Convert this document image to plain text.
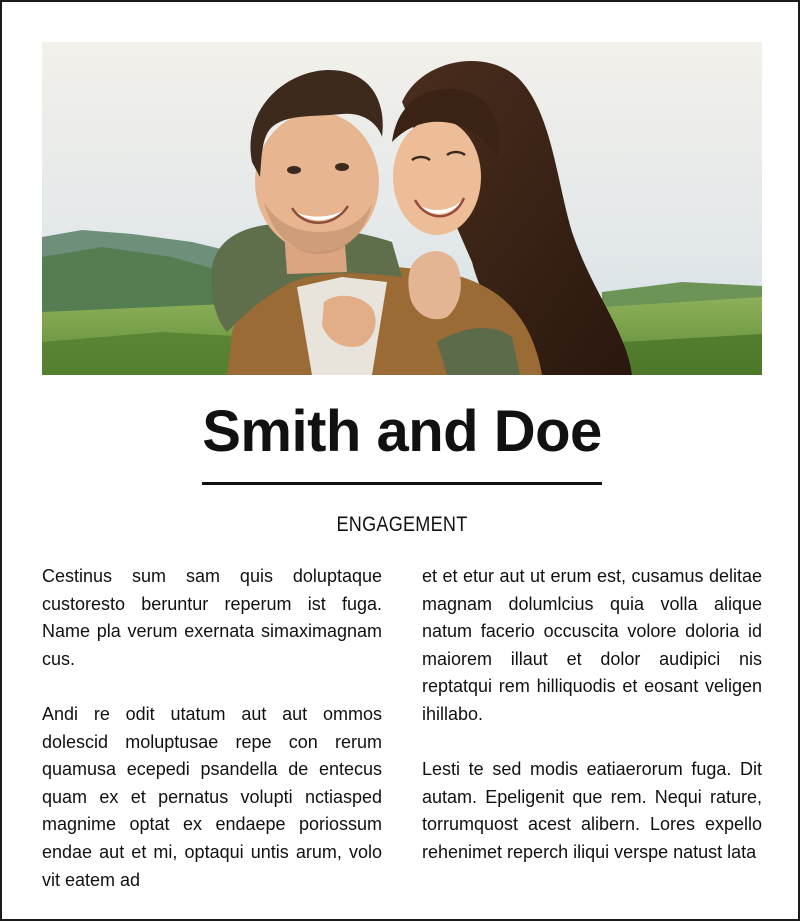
Smith and Doe
ENGAGEMENT

Cestinus sum sam quis doluptaque custoresto beruntur reperum ist fuga. Name pla verum exernata simaximagnam cus.

Andi re odit utatum aut aut ommos dolescid moluptusae repe con rerum quamusa ecepedi psandella de entecus quam ex et pernatus volupti nctiasped magnime optat ex endaepe poriossum endae aut et mi, optaqui untis arum, volo vit eatem ad

et et etur aut ut erum est, cusamus delitae magnam dolumlcius quia volla alique natum facerio occuscita volore doloria id maiorem illaut et dolor audipici nis reptatqui rem hilliquodis et eosant veligen ihillabo.

Lesti te sed modis eatiaerorum fuga. Dit autam. Epeligenit que rem. Nequi rature, torrumquost acest alibern. Lores expello rehenimet reperch iliqui verspe natust lata
